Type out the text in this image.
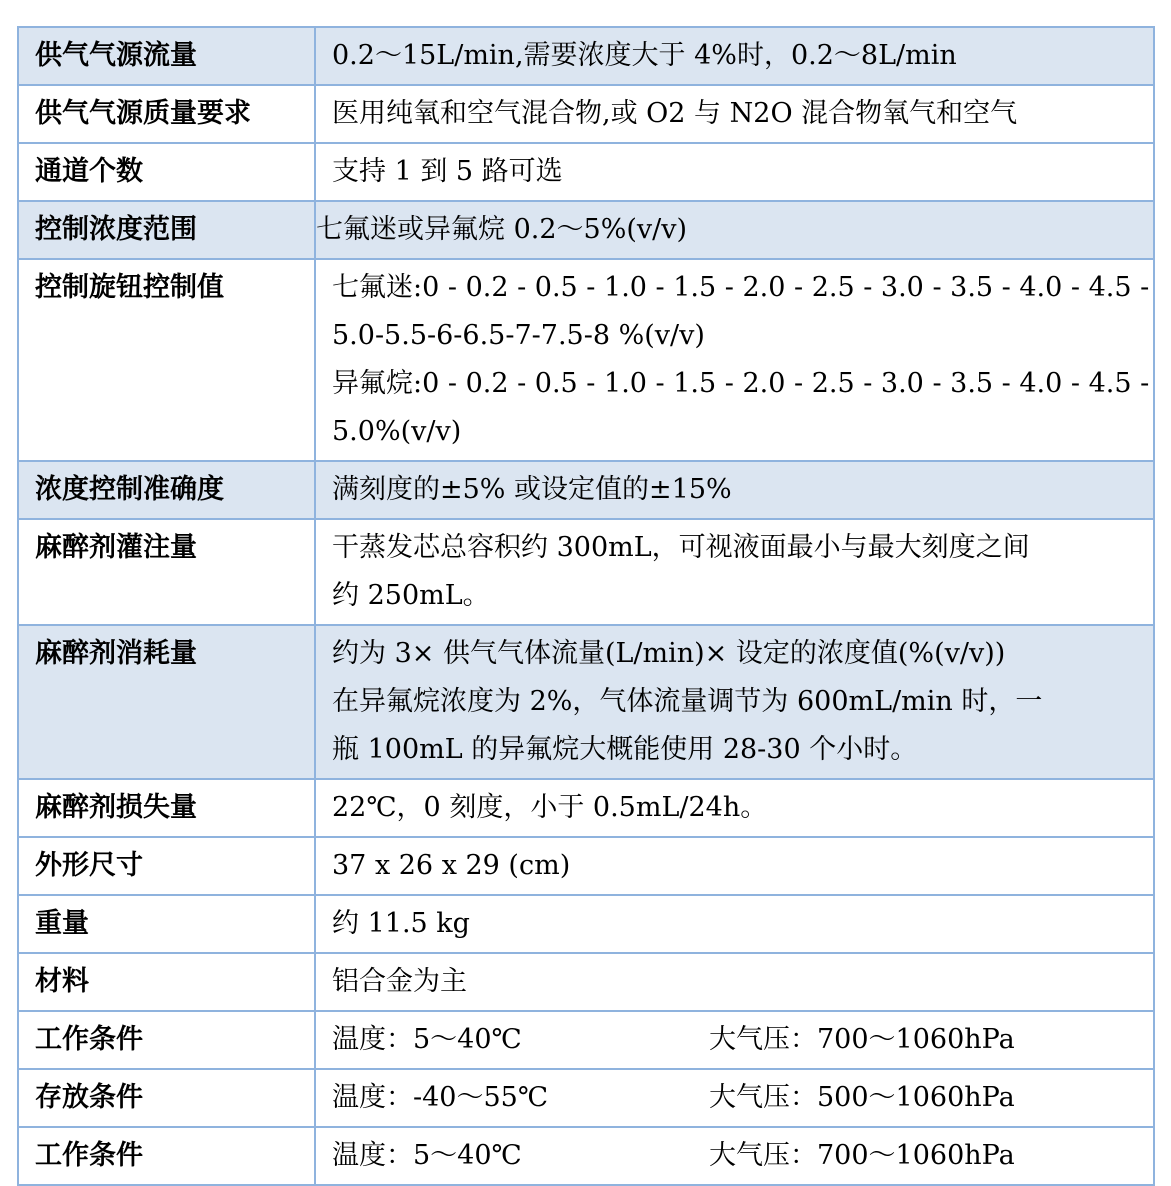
供气气源流量	0.2～15L/min,需要浓度大于 4%时，0.2～8L/min

供气气源质量要求	医用纯氧和空气混合物,或 O2 与 N2O 混合物氧气和空气

通道个数	支持 1 到 5 路可选

控制浓度范围	七氟迷或异氟烷 0.2～5%(v/v)

控制旋钮控制值	七氟迷:0 - 0.2 - 0.5 - 1.0 - 1.5 - 2.0 - 2.5 - 3.0 - 3.5 - 4.0 - 4.5 -
5.0-5.5-6-6.5-7-7.5-8 %(v/v)
异氟烷:0 - 0.2 - 0.5 - 1.0 - 1.5 - 2.0 - 2.5 - 3.0 - 3.5 - 4.0 - 4.5 -
5.0%(v/v)

浓度控制准确度	满刻度的±5% 或设定值的±15%

麻醉剂灌注量	干蒸发芯总容积约 300mL，可视液面最小与最大刻度之间
约 250mL。

麻醉剂消耗量	约为 3× 供气气体流量(L/min)× 设定的浓度值(%(v/v))
在异氟烷浓度为 2%，气体流量调节为 600mL/min 时，一
瓶 100mL 的异氟烷大概能使用 28-30 个小时。

麻醉剂损失量	22℃，0 刻度，小于 0.5mL/24h。

外形尺寸	37 x 26 x 29 (cm)

重量	约 11.5 kg

材料	铝合金为主

工作条件	温度：5～40℃ 大气压：700～1060hPa

存放条件	温度：-40～55℃ 大气压：500～1060hPa

工作条件	温度：5～40℃ 大气压：700～1060hPa
